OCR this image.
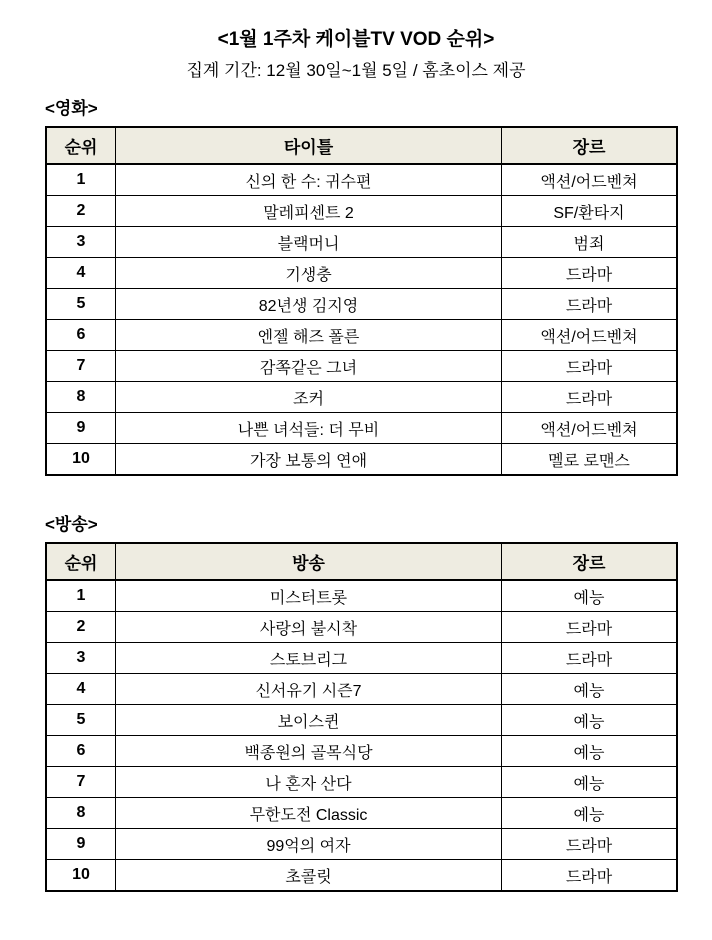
<1월 1주차 케이블TV VOD 순위>
집계 기간: 12월 30일~1월 5일 / 홈초이스 제공
<영화>
순위	타이틀	장르
1	신의 한 수: 귀수편	액션/어드벤쳐
2	말레피센트 2	SF/환타지
3	블랙머니	범죄
4	기생충	드라마
5	82년생 김지영	드라마
6	엔젤 해즈 폴른	액션/어드벤쳐
7	감쪽같은 그녀	드라마
8	조커	드라마
9	나쁜 녀석들: 더 무비	액션/어드벤쳐
10	가장 보통의 연애	멜로 로맨스
<방송>
순위	방송	장르
1	미스터트롯	예능
2	사랑의 불시착	드라마
3	스토브리그	드라마
4	신서유기 시즌7	예능
5	보이스퀸	예능
6	백종원의 골목식당	예능
7	나 혼자 산다	예능
8	무한도전 Classic	예능
9	99억의 여자	드라마
10	초콜릿	드라마
